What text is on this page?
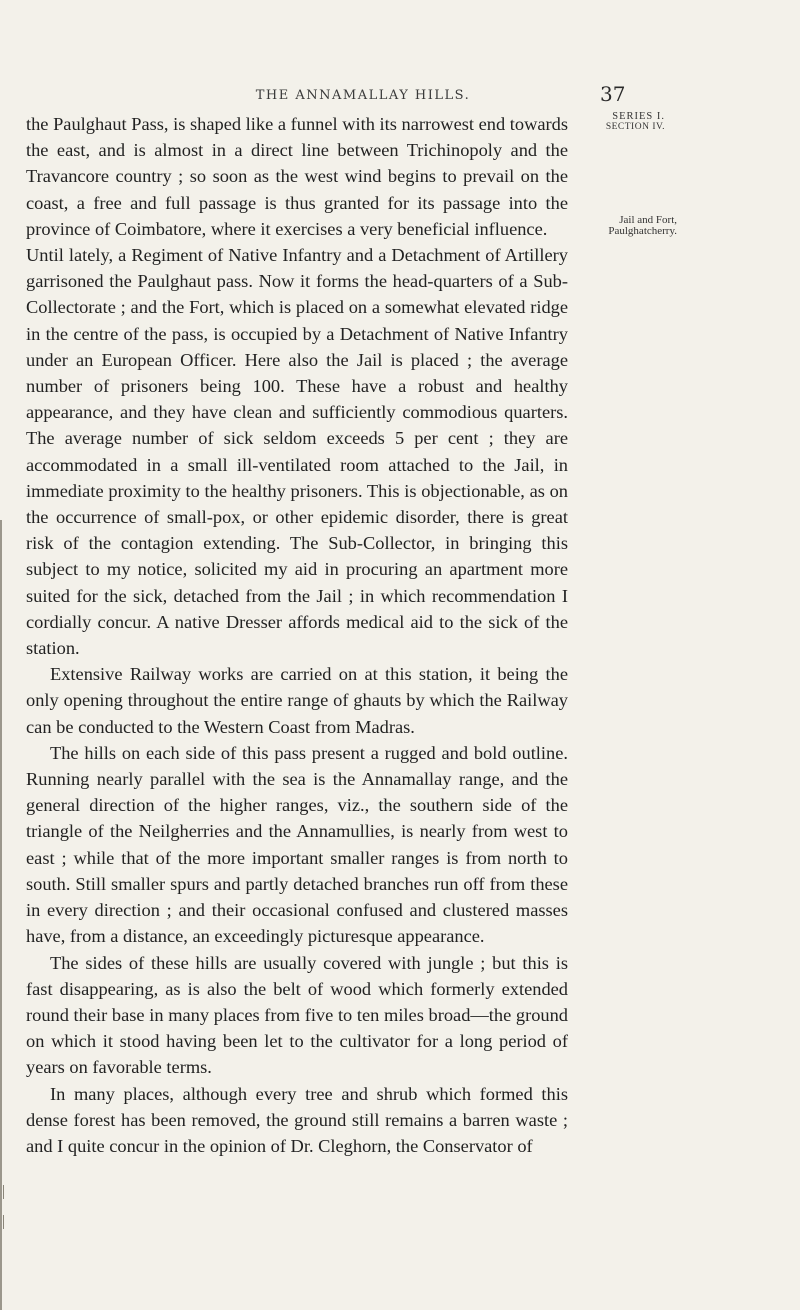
THE ANNAMALLAY HILLS.	37
SERIES I.
SECTION IV.
Jail and Fort,
Paulghatcherry.

the Paulghaut Pass, is shaped like a funnel with its narrowest end towards the east, and is almost in a direct line between Trichinopoly and the Travancore country ; so soon as the west wind begins to prevail on the coast, a free and full passage is thus granted for its passage into the province of Coimbatore, where it exercises a very beneficial influence.

Until lately, a Regiment of Native Infantry and a Detachment of Artillery garrisoned the Paulghaut pass. Now it forms the head-quarters of a Sub-Collectorate ; and the Fort, which is placed on a somewhat elevated ridge in the centre of the pass, is occupied by a Detachment of Native Infantry under an European Officer. Here also the Jail is placed ; the average number of prisoners being 100. These have a robust and healthy appearance, and they have clean and sufficiently commodious quarters. The average number of sick seldom exceeds 5 per cent ; they are accommodated in a small ill-ventilated room attached to the Jail, in immediate proximity to the healthy prisoners. This is objectionable, as on the occurrence of small-pox, or other epidemic disorder, there is great risk of the contagion extending. The Sub-Collector, in bringing this subject to my notice, solicited my aid in procuring an apartment more suited for the sick, detached from the Jail ; in which recommendation I cordially concur. A native Dresser affords medical aid to the sick of the station.

Extensive Railway works are carried on at this station, it being the only opening throughout the entire range of ghauts by which the Railway can be conducted to the Western Coast from Madras.

The hills on each side of this pass present a rugged and bold outline. Running nearly parallel with the sea is the Annamallay range, and the general direction of the higher ranges, viz., the southern side of the triangle of the Neilgherries and the Annamullies, is nearly from west to east ; while that of the more important smaller ranges is from north to south. Still smaller spurs and partly detached branches run off from these in every direction ; and their occasional confused and clustered masses have, from a distance, an exceedingly picturesque appearance.

The sides of these hills are usually covered with jungle ; but this is fast disappearing, as is also the belt of wood which formerly extended round their base in many places from five to ten miles broad—the ground on which it stood having been let to the cultivator for a long period of years on favorable terms.

In many places, although every tree and shrub which formed this dense forest has been removed, the ground still remains a barren waste ; and I quite concur in the opinion of Dr. Cleghorn, the Conservator of
